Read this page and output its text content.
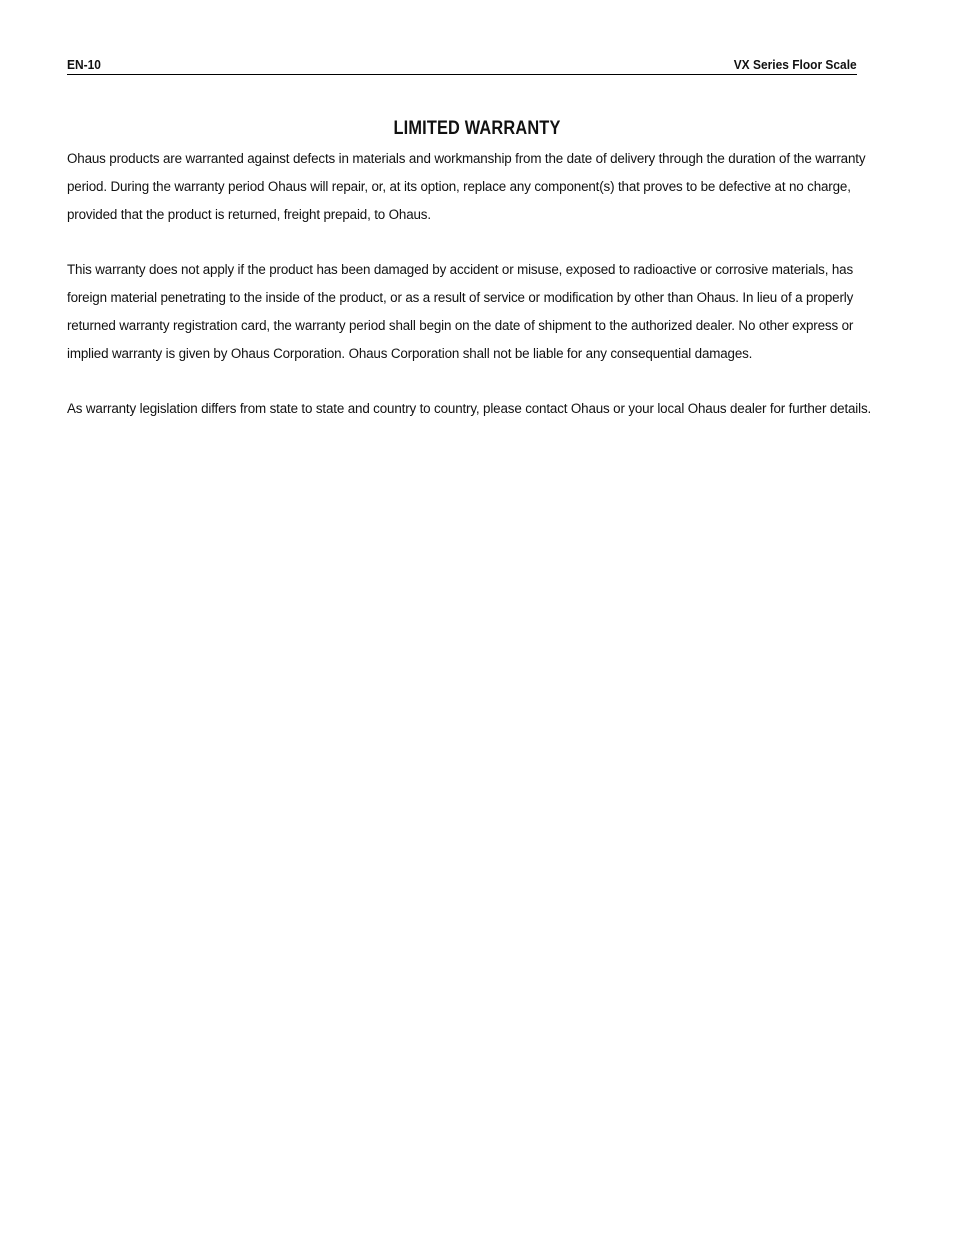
EN-10	VX Series Floor Scale
LIMITED WARRANTY

Ohaus products are warranted against defects in materials and workmanship from the date of delivery through the duration of the warranty period. During the warranty period Ohaus will repair, or, at its option, replace any component(s) that proves to be defective at no charge, provided that the product is returned, freight prepaid, to Ohaus.

This warranty does not apply if the product has been damaged by accident or misuse, exposed to radioactive or corrosive materials, has foreign material penetrating to the inside of the product, or as a result of service or modification by other than Ohaus. In lieu of a properly returned warranty registration card, the warranty period shall begin on the date of shipment to the authorized dealer. No other express or implied warranty is given by Ohaus Corporation. Ohaus Corporation shall not be liable for any consequential damages.

As warranty legislation differs from state to state and country to country, please contact Ohaus or your local Ohaus dealer for further details.
